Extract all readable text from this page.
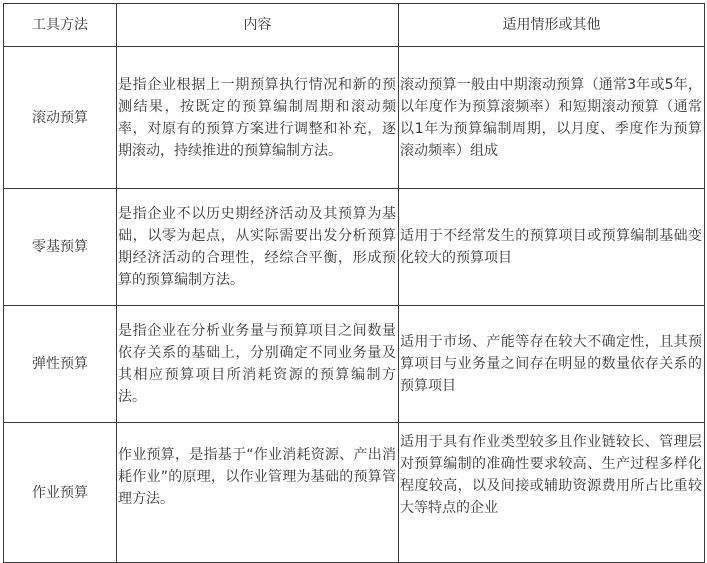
工具方法	内容	适用情形或其他
滚动预算	是指企业根据上一期预算执行情况和新的预测结果，按既定的预算编制周期和滚动频率，对原有的预算方案进行调整和补充，逐期滚动，持续推进的预算编制方法。	滚动预算一般由中期滚动预算（通常3年或5年，以年度作为预算滚频率）和短期滚动预算（通常以1年为预算编制周期，以月度、季度作为预算滚动频率）组成
零基预算	是指企业不以历史期经济活动及其预算为基础，以零为起点，从实际需要出发分析预算期经济活动的合理性，经综合平衡，形成预算的预算编制方法。	适用于不经常发生的预算项目或预算编制基础变化较大的预算项目
弹性预算	是指企业在分析业务量与预算项目之间数量依存关系的基础上，分别确定不同业务量及其相应预算项目所消耗资源的预算编制方法。	适用于市场、产能等存在较大不确定性，且其预算项目与业务量之间存在明显的数量依存关系的预算项目
作业预算	作业预算，是指基于“作业消耗资源、产出消耗作业”的原理，以作业管理为基础的预算管理方法。	适用于具有作业类型较多且作业链较长、管理层对预算编制的准确性要求较高、生产过程多样化程度较高，以及间接或辅助资源费用所占比重较大等特点的企业
